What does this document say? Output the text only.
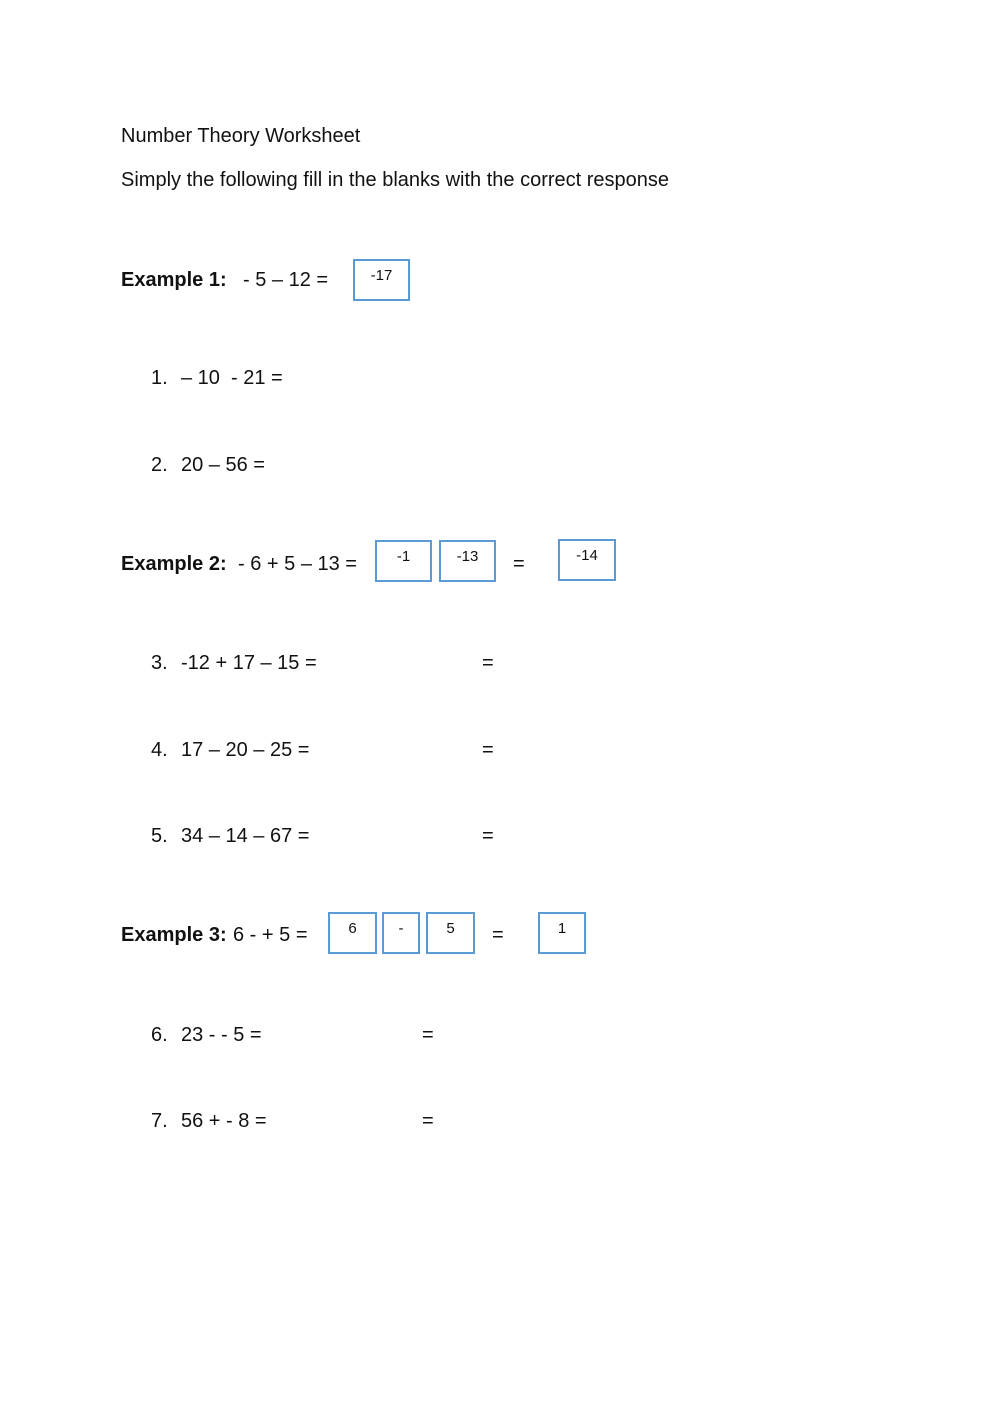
Number Theory Worksheet
Simply the following fill in the blanks with the correct response
Example 1: - 5 – 12 =	-17
1. – 10  - 21 =
2. 20 – 56 =
Example 2: - 6 + 5 – 13 =	-1	-13	=	-14
3. -12 + 17 – 15 =	=
4. 17 – 20 – 25 =	=
5. 34 – 14 – 67 =	=
Example 3: 6 - + 5 =	6	-	5	=	1
6. 23 - - 5 =	=
7. 56 + - 8 =	=
